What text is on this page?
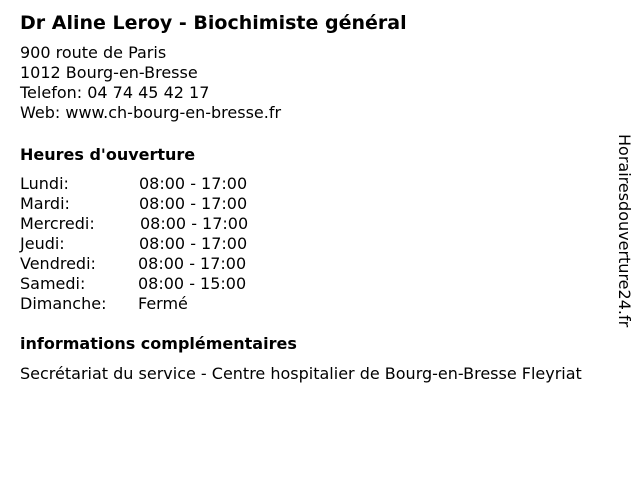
Dr Aline Leroy - Biochimiste général
900 route de Paris
1012 Bourg-en-Bresse
Telefon: 04 74 45 42 17
Web: www.ch-bourg-en-bresse.fr
Heures d'ouverture
Lundi:	08:00 - 17:00
Mardi:	08:00 - 17:00
Mercredi:	08:00 - 17:00
Jeudi:	08:00 - 17:00
Vendredi:	08:00 - 17:00
Samedi:	08:00 - 15:00
Dimanche: Fermé
informations complémentaires
Secrétariat du service - Centre hospitalier de Bourg-en-Bresse Fleyriat
Horairesdouverture24.fr
